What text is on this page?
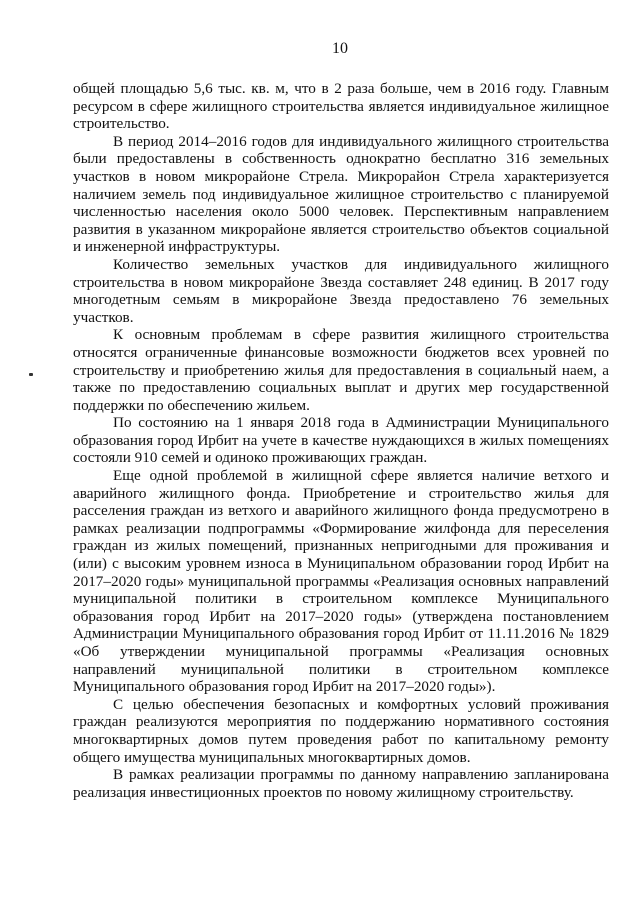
10

общей площадью 5,6 тыс. кв. м, что в 2 раза больше, чем в 2016 году. Главным ресурсом в сфере жилищного строительства является индивидуальное жилищное строительство.

В период 2014–2016 годов для индивидуального жилищного строительства были предоставлены в собственность однократно бесплатно 316 земельных участков в новом микрорайоне Стрела. Микрорайон Стрела характеризуется наличием земель под индивидуальное жилищное строительство с планируемой численностью населения около 5000 человек. Перспективным направлением развития в указанном микрорайоне является строительство объектов социальной и инженерной инфраструктуры.

Количество земельных участков для индивидуального жилищного строительства в новом микрорайоне Звезда составляет 248 единиц. В 2017 году многодетным семьям в микрорайоне Звезда предоставлено 76 земельных участков.

К основным проблемам в сфере развития жилищного строительства относятся ограниченные финансовые возможности бюджетов всех уровней по строительству и приобретению жилья для предоставления в социальный наем, а также по предоставлению социальных выплат и других мер государственной поддержки по обеспечению жильем.

По состоянию на 1 января 2018 года в Администрации Муниципального образования город Ирбит на учете в качестве нуждающихся в жилых помещениях состояли 910 семей и одиноко проживающих граждан.

Еще одной проблемой в жилищной сфере является наличие ветхого и аварийного жилищного фонда. Приобретение и строительство жилья для расселения граждан из ветхого и аварийного жилищного фонда предусмотрено в рамках реализации подпрограммы «Формирование жилфонда для переселения граждан из жилых помещений, признанных непригодными для проживания и (или) с высоким уровнем износа в Муниципальном образовании город Ирбит на 2017–2020 годы» муниципальной программы «Реализация основных направлений муниципальной политики в строительном комплексе Муниципального образования город Ирбит на 2017–2020 годы» (утверждена постановлением Администрации Муниципального образования город Ирбит от 11.11.2016 № 1829 «Об утверждении муниципальной программы «Реализация основных направлений муниципальной политики в строительном комплексе Муниципального образования город Ирбит на 2017–2020 годы»).

С целью обеспечения безопасных и комфортных условий проживания граждан реализуются мероприятия по поддержанию нормативного состояния многоквартирных домов путем проведения работ по капитальному ремонту общего имущества муниципальных многоквартирных домов.

В рамках реализации программы по данному направлению запланирована реализация инвестиционных проектов по новому жилищному строительству.
